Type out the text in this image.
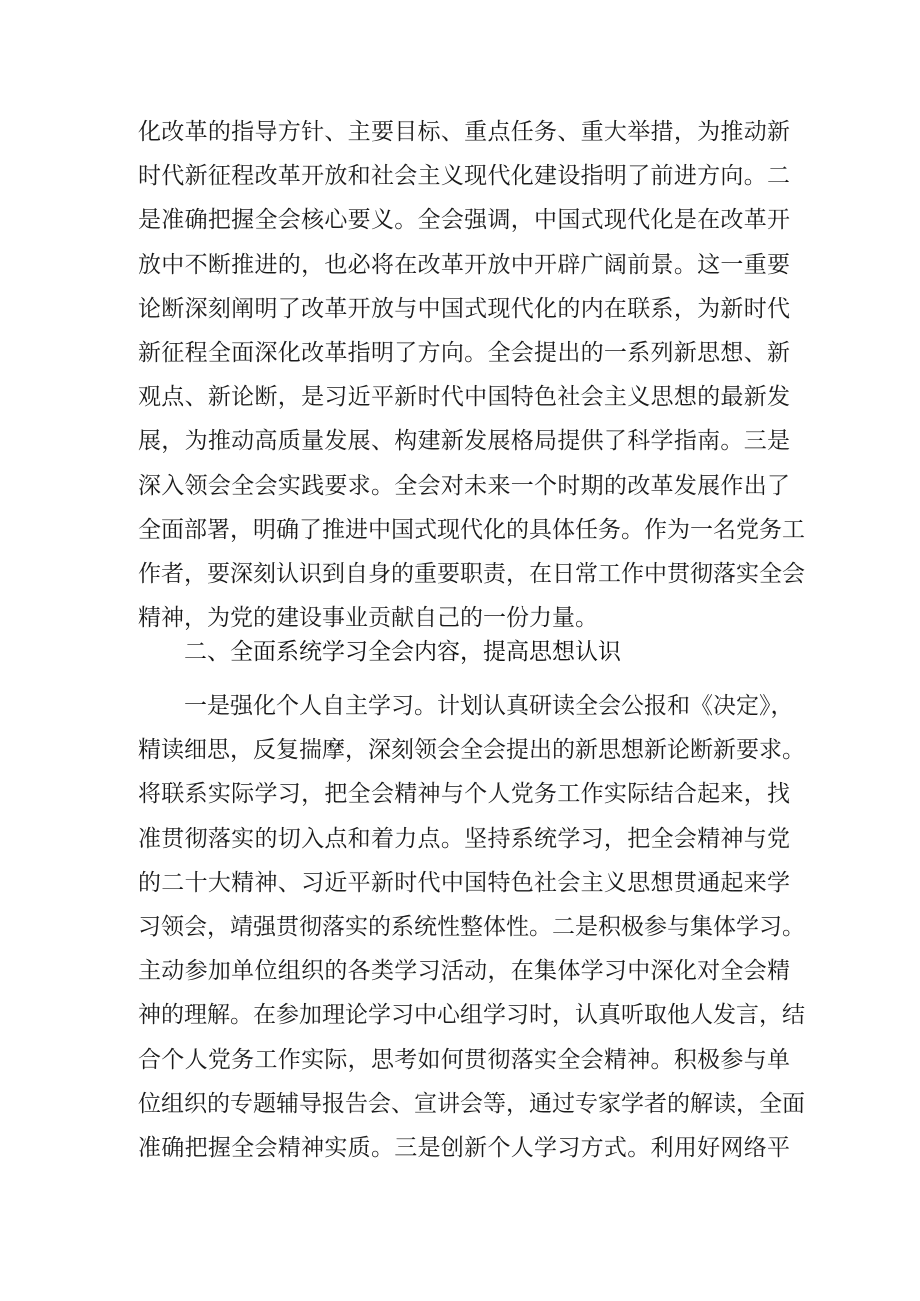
化改革的指导方针、主要目标、重点任务、重大举措，为推动新
时代新征程改革开放和社会主义现代化建设指明了前进方向。二
是准确把握全会核心要义。全会强调，中国式现代化是在改革开
放中不断推进的，也必将在改革开放中开辟广阔前景。这一重要
论断深刻阐明了改革开放与中国式现代化的内在联系，为新时代
新征程全面深化改革指明了方向。全会提出的一系列新思想、新
观点、新论断，是习近平新时代中国特色社会主义思想的最新发
展，为推动高质量发展、构建新发展格局提供了科学指南。三是
深入领会全会实践要求。全会对未来一个时期的改革发展作出了
全面部署，明确了推进中国式现代化的具体任务。作为一名党务工
作者，要深刻认识到自身的重要职责，在日常工作中贯彻落实全会
精神，为党的建设事业贡献自己的一份力量。
二、全面系统学习全会内容，提高思想认识
一是强化个人自主学习。计划认真研读全会公报和《决定》，
精读细思，反复揣摩，深刻领会全会提出的新思想新论断新要求。
将联系实际学习，把全会精神与个人党务工作实际结合起来，找
准贯彻落实的切入点和着力点。坚持系统学习，把全会精神与党
的二十大精神、习近平新时代中国特色社会主义思想贯通起来学
习领会，靖强贯彻落实的系统性整体性。二是积极参与集体学习。
主动参加单位组织的各类学习活动，在集体学习中深化对全会精
神的理解。在参加理论学习中心组学习时，认真听取他人发言，结
合个人党务工作实际，思考如何贯彻落实全会精神。积极参与单
位组织的专题辅导报告会、宣讲会等，通过专家学者的解读，全面
准确把握全会精神实质。三是创新个人学习方式。利用好网络平
